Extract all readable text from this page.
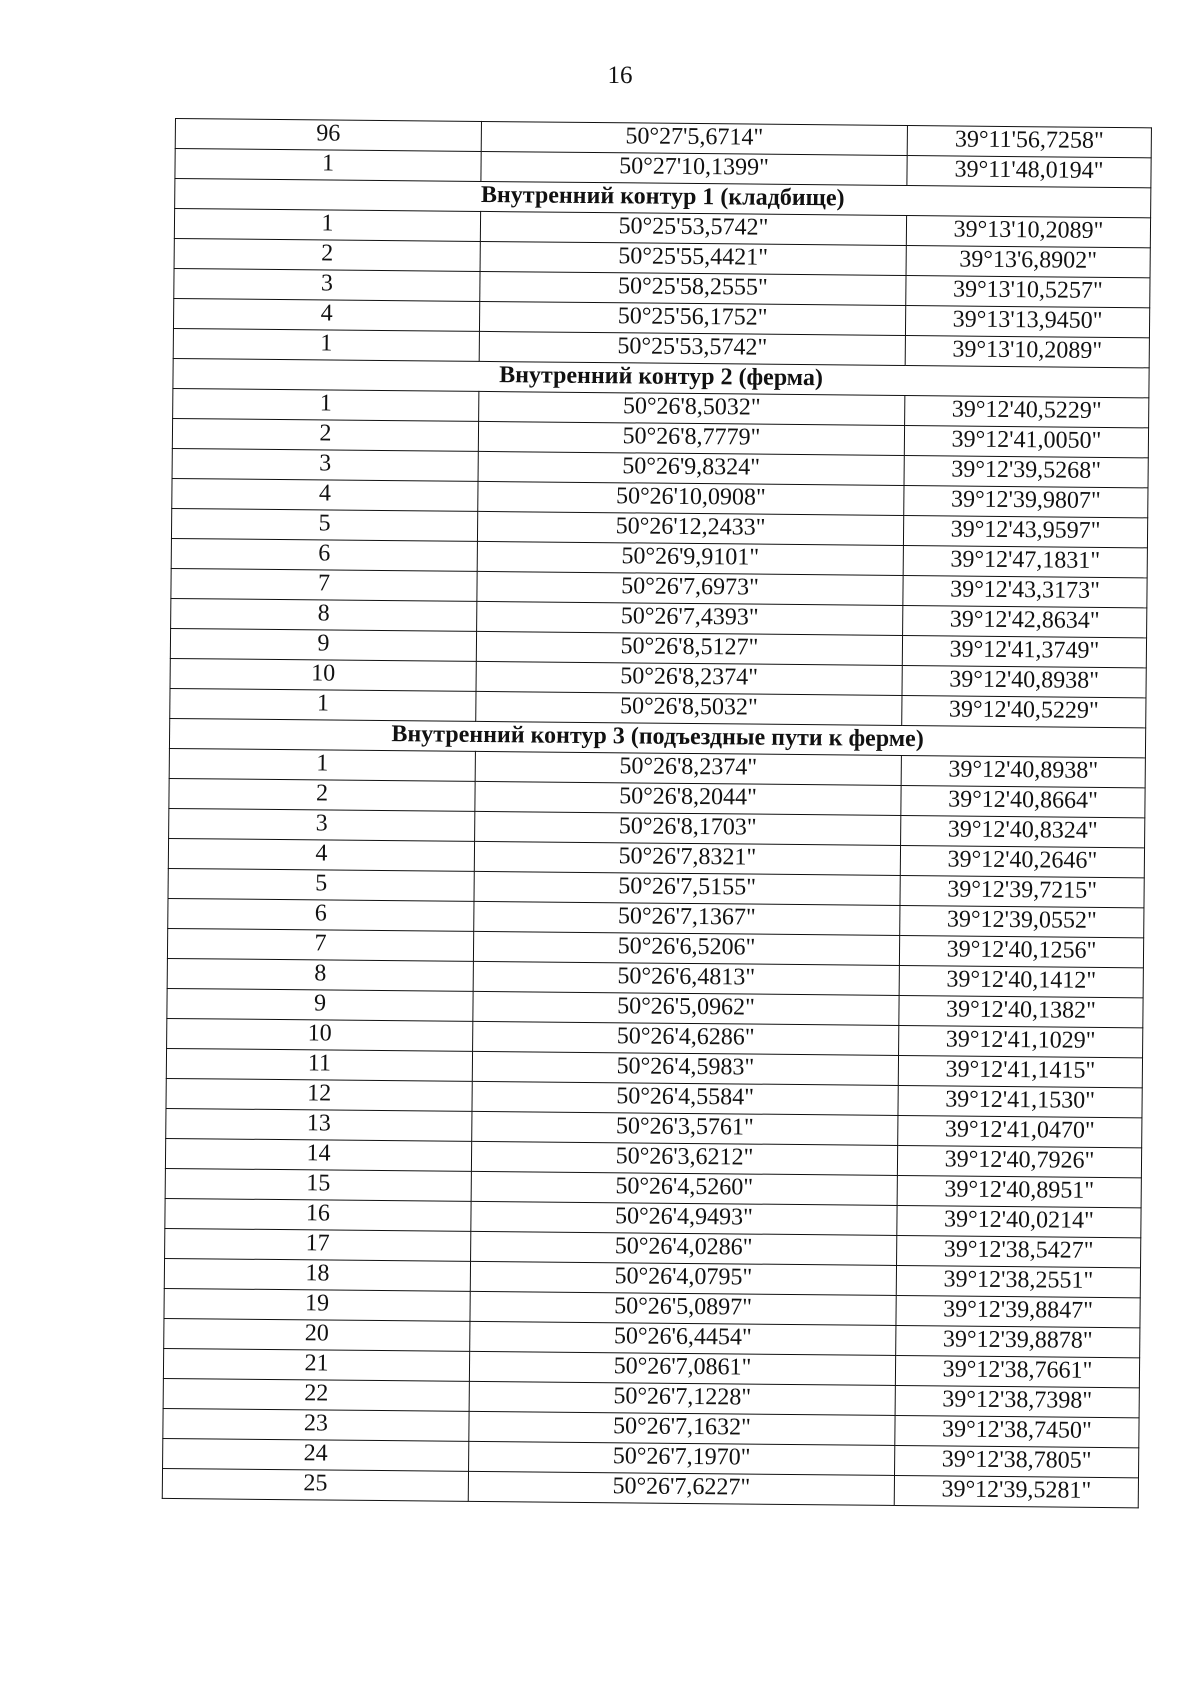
16
96	50°27'5,6714"	39°11'56,7258"
1	50°27'10,1399"	39°11'48,0194"
Внутренний контур 1 (кладбище)		
1	50°25'53,5742"	39°13'10,2089"
2	50°25'55,4421"	39°13'6,8902"
3	50°25'58,2555"	39°13'10,5257"
4	50°25'56,1752"	39°13'13,9450"
1	50°25'53,5742"	39°13'10,2089"
Внутренний контур 2 (ферма)		
1	50°26'8,5032"	39°12'40,5229"
2	50°26'8,7779"	39°12'41,0050"
3	50°26'9,8324"	39°12'39,5268"
4	50°26'10,0908"	39°12'39,9807"
5	50°26'12,2433"	39°12'43,9597"
6	50°26'9,9101"	39°12'47,1831"
7	50°26'7,6973"	39°12'43,3173"
8	50°26'7,4393"	39°12'42,8634"
9	50°26'8,5127"	39°12'41,3749"
10	50°26'8,2374"	39°12'40,8938"
1	50°26'8,5032"	39°12'40,5229"
Внутренний контур 3 (подъездные пути к ферме)		
1	50°26'8,2374"	39°12'40,8938"
2	50°26'8,2044"	39°12'40,8664"
3	50°26'8,1703"	39°12'40,8324"
4	50°26'7,8321"	39°12'40,2646"
5	50°26'7,5155"	39°12'39,7215"
6	50°26'7,1367"	39°12'39,0552"
7	50°26'6,5206"	39°12'40,1256"
8	50°26'6,4813"	39°12'40,1412"
9	50°26'5,0962"	39°12'40,1382"
10	50°26'4,6286"	39°12'41,1029"
11	50°26'4,5983"	39°12'41,1415"
12	50°26'4,5584"	39°12'41,1530"
13	50°26'3,5761"	39°12'41,0470"
14	50°26'3,6212"	39°12'40,7926"
15	50°26'4,5260"	39°12'40,8951"
16	50°26'4,9493"	39°12'40,0214"
17	50°26'4,0286"	39°12'38,5427"
18	50°26'4,0795"	39°12'38,2551"
19	50°26'5,0897"	39°12'39,8847"
20	50°26'6,4454"	39°12'39,8878"
21	50°26'7,0861"	39°12'38,7661"
22	50°26'7,1228"	39°12'38,7398"
23	50°26'7,1632"	39°12'38,7450"
24	50°26'7,1970"	39°12'38,7805"
25	50°26'7,6227"	39°12'39,5281"
